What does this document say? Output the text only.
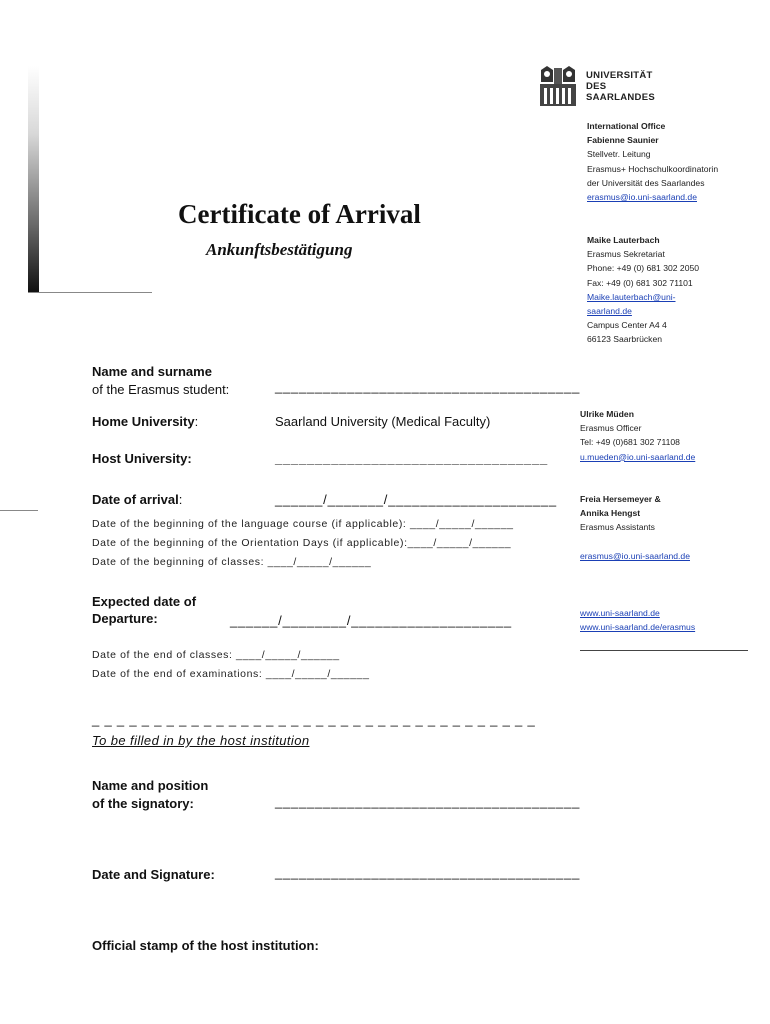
UNIVERSITÄT
DES
SAARLANDES
International Office
Fabienne Saunier
Stellvetr. Leitung
Erasmus+ Hochschulkoordinatorin
der Universität des Saarlandes
erasmus@io.uni-saarland.de
Maike Lauterbach
Erasmus Sekretariat
Phone: +49 (0) 681 302 2050
Fax: +49 (0) 681 302 71101
Maike.lauterbach@uni-
saarland.de
Campus Center A4 4
66123 Saarbrücken
Ulrike Müden
Erasmus Officer
Tel: +49 (0)681 302 71108
u.mueden@io.uni-saarland.de
Freia Hersemeyer &
Annika Hengst
Erasmus Assistants
erasmus@io.uni-saarland.de
www.uni-saarland.de
www.uni-saarland.de/erasmus
Certificate of Arrival
Ankunftsbestätigung
Name and surname
of the Erasmus student:	______________________________________
Home University:	Saarland University (Medical Faculty)
Host University:	__________________________________
Date of arrival:	______/_______/_____________________
Date of the beginning of the language course (if applicable): ____/_____/______
Date of the beginning of the Orientation Days (if applicable):____/_____/______
Date of the beginning of classes: ____/_____/______
Expected date of
Departure:	______/________/____________________
Date of the end of classes: ____/_____/______
Date of the end of examinations: ____/_____/______
_ _ _ _ _ _ _ _ _ _ _ _ _ _ _ _ _ _ _ _ _ _ _ _ _ _ _ _ _ _ _ _ _ _ _ _
To be filled in by the host institution
Name and position
of the signatory:	______________________________________
Date and Signature:	______________________________________
Official stamp of the host institution:
